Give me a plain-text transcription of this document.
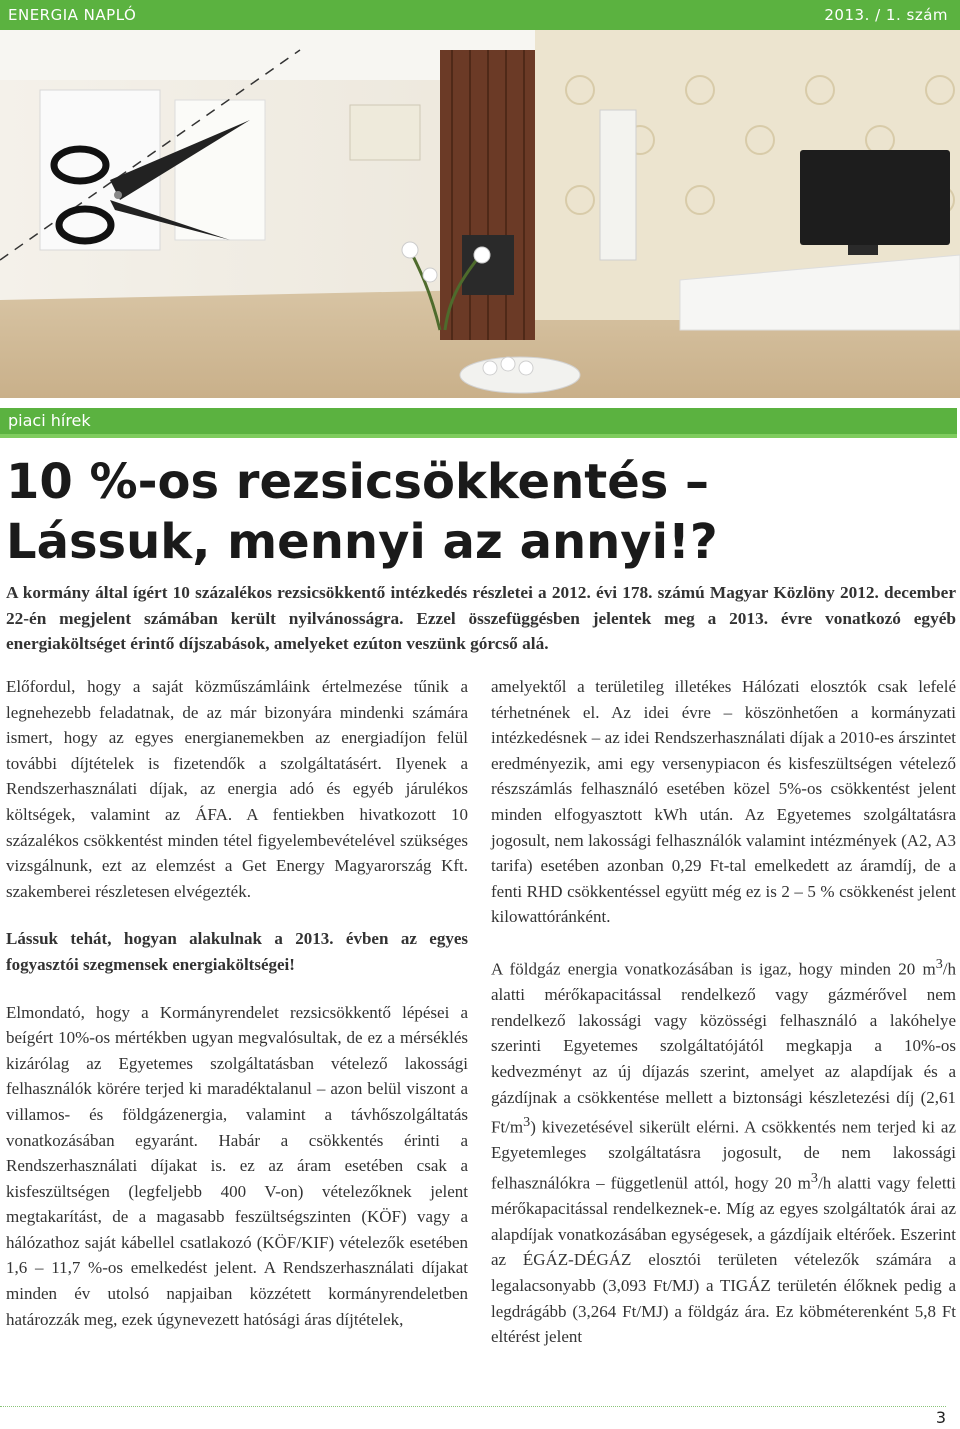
ENERGIA NAPLÓ	2013. / 1. szám
piaci hírek
10 %-os rezsicsökkentés –
Lássuk, mennyi az annyi!?
A kormány által ígért 10 százalékos rezsicsökkentő intézkedés részletei a 2012. évi 178. számú Magyar Közlöny 2012. december 22-én megjelent számában került nyilvánosságra. Ezzel összefüggésben jelentek meg a 2013. évre vonatkozó egyéb energiaköltséget érintő díjszabások, amelyeket ezúton veszünk górcső alá.

Előfordul, hogy a saját közműszámláink értelmezése tűnik a legnehezebb feladatnak, de az már bizonyára mindenki számára ismert, hogy az egyes energianemekben az energiadíjon felül további díjtételek is fizetendők a szolgáltatásért. Ilyenek a Rendszerhasználati díjak, az energia adó és egyéb járulékos költségek, valamint az ÁFA. A fentiekben hivatkozott 10 százalékos csökkentést minden tétel figyelembevételével szükséges vizsgálnunk, ezt az elemzést a Get Energy Magyarország Kft. szakemberei részletesen elvégezték.

Lássuk tehát, hogyan alakulnak a 2013. évben az egyes fogyasztói szegmensek energiaköltségei!

Elmondató, hogy a Kormányrendelet rezsicsökkentő lépései a beígért 10%-os mértékben ugyan megvalósultak, de ez a mérséklés kizárólag az Egyetemes szolgáltatásban vételező lakossági felhasználók körére terjed ki maradéktalanul – azon belül viszont a villamos- és földgázenergia, valamint a távhőszolgáltatás vonatkozásában egyaránt. Habár a csökkentés érinti a Rendszerhasználati díjakat is. ez az áram esetében csak a kisfeszültségen (legfeljebb 400 V-on) vételezőknek jelent megtakarítást, de a magasabb feszültségszinten (KÖF) vagy a hálózathoz saját kábellel csatlakozó (KÖF/KIF) vételezők esetében 1,6 – 11,7 %-os emelkedést jelent. A Rendszerhasználati díjakat minden év utolsó napjaiban közzétett kormányrendeletben határozzák meg, ezek úgynevezett hatósági áras díjtételek,

amelyektől a területileg illetékes Hálózati elosztók csak lefelé térhetnének el. Az idei évre – köszönhetően a kormányzati intézkedésnek – az idei Rendszerhasználati díjak a 2010-es árszintet eredményezik, ami egy versenypiacon és kisfeszültségen vételező részszámlás felhasználó esetében közel 5%-os csökkentést jelent minden elfogyasztott kWh után. Az Egyetemes szolgáltatásra jogosult, nem lakossági felhasználók valamint intézmények (A2, A3 tarifa) esetében azonban 0,29 Ft-tal emelkedett az áramdíj, de a fenti RHD csökkentéssel együtt még ez is 2 – 5 % csökkenést jelent kilowattóránként.

A földgáz energia vonatkozásában is igaz, hogy minden 20 $m^3/h$ alatti mérőkapacitással rendelkező vagy gázmérővel nem rendelkező lakossági vagy közösségi felhasználó a lakóhelye szerinti Egyetemes szolgáltatójától megkapja a 10%-os kedvezményt az új díjazás szerint, amelyet az alapdíjak és a gázdíjnak a csökkentése mellett a biztonsági készletezési díj (2,61 $Ft/m^3$) kivezetésével sikerült elérni. A csökkentés nem terjed ki az Egyetemleges szolgáltatásra jogosult, de nem lakossági felhasználókra – függetlenül attól, hogy 20 $m^3/h$ alatti vagy feletti mérőkapacitással rendelkeznek-e. Míg az egyes szolgáltatók árai az alapdíjak vonatkozásában egységesek, a gázdíjaik eltérőek. Eszerint az ÉGÁZ-DÉGÁZ elosztói területen vételezők számára a legalacsonyabb (3,093 Ft/MJ) a TIGÁZ területén élőknek pedig a legdrágább (3,264 Ft/MJ) a földgáz ára. Ez köbméterenként 5,8 Ft eltérést jelent

3
